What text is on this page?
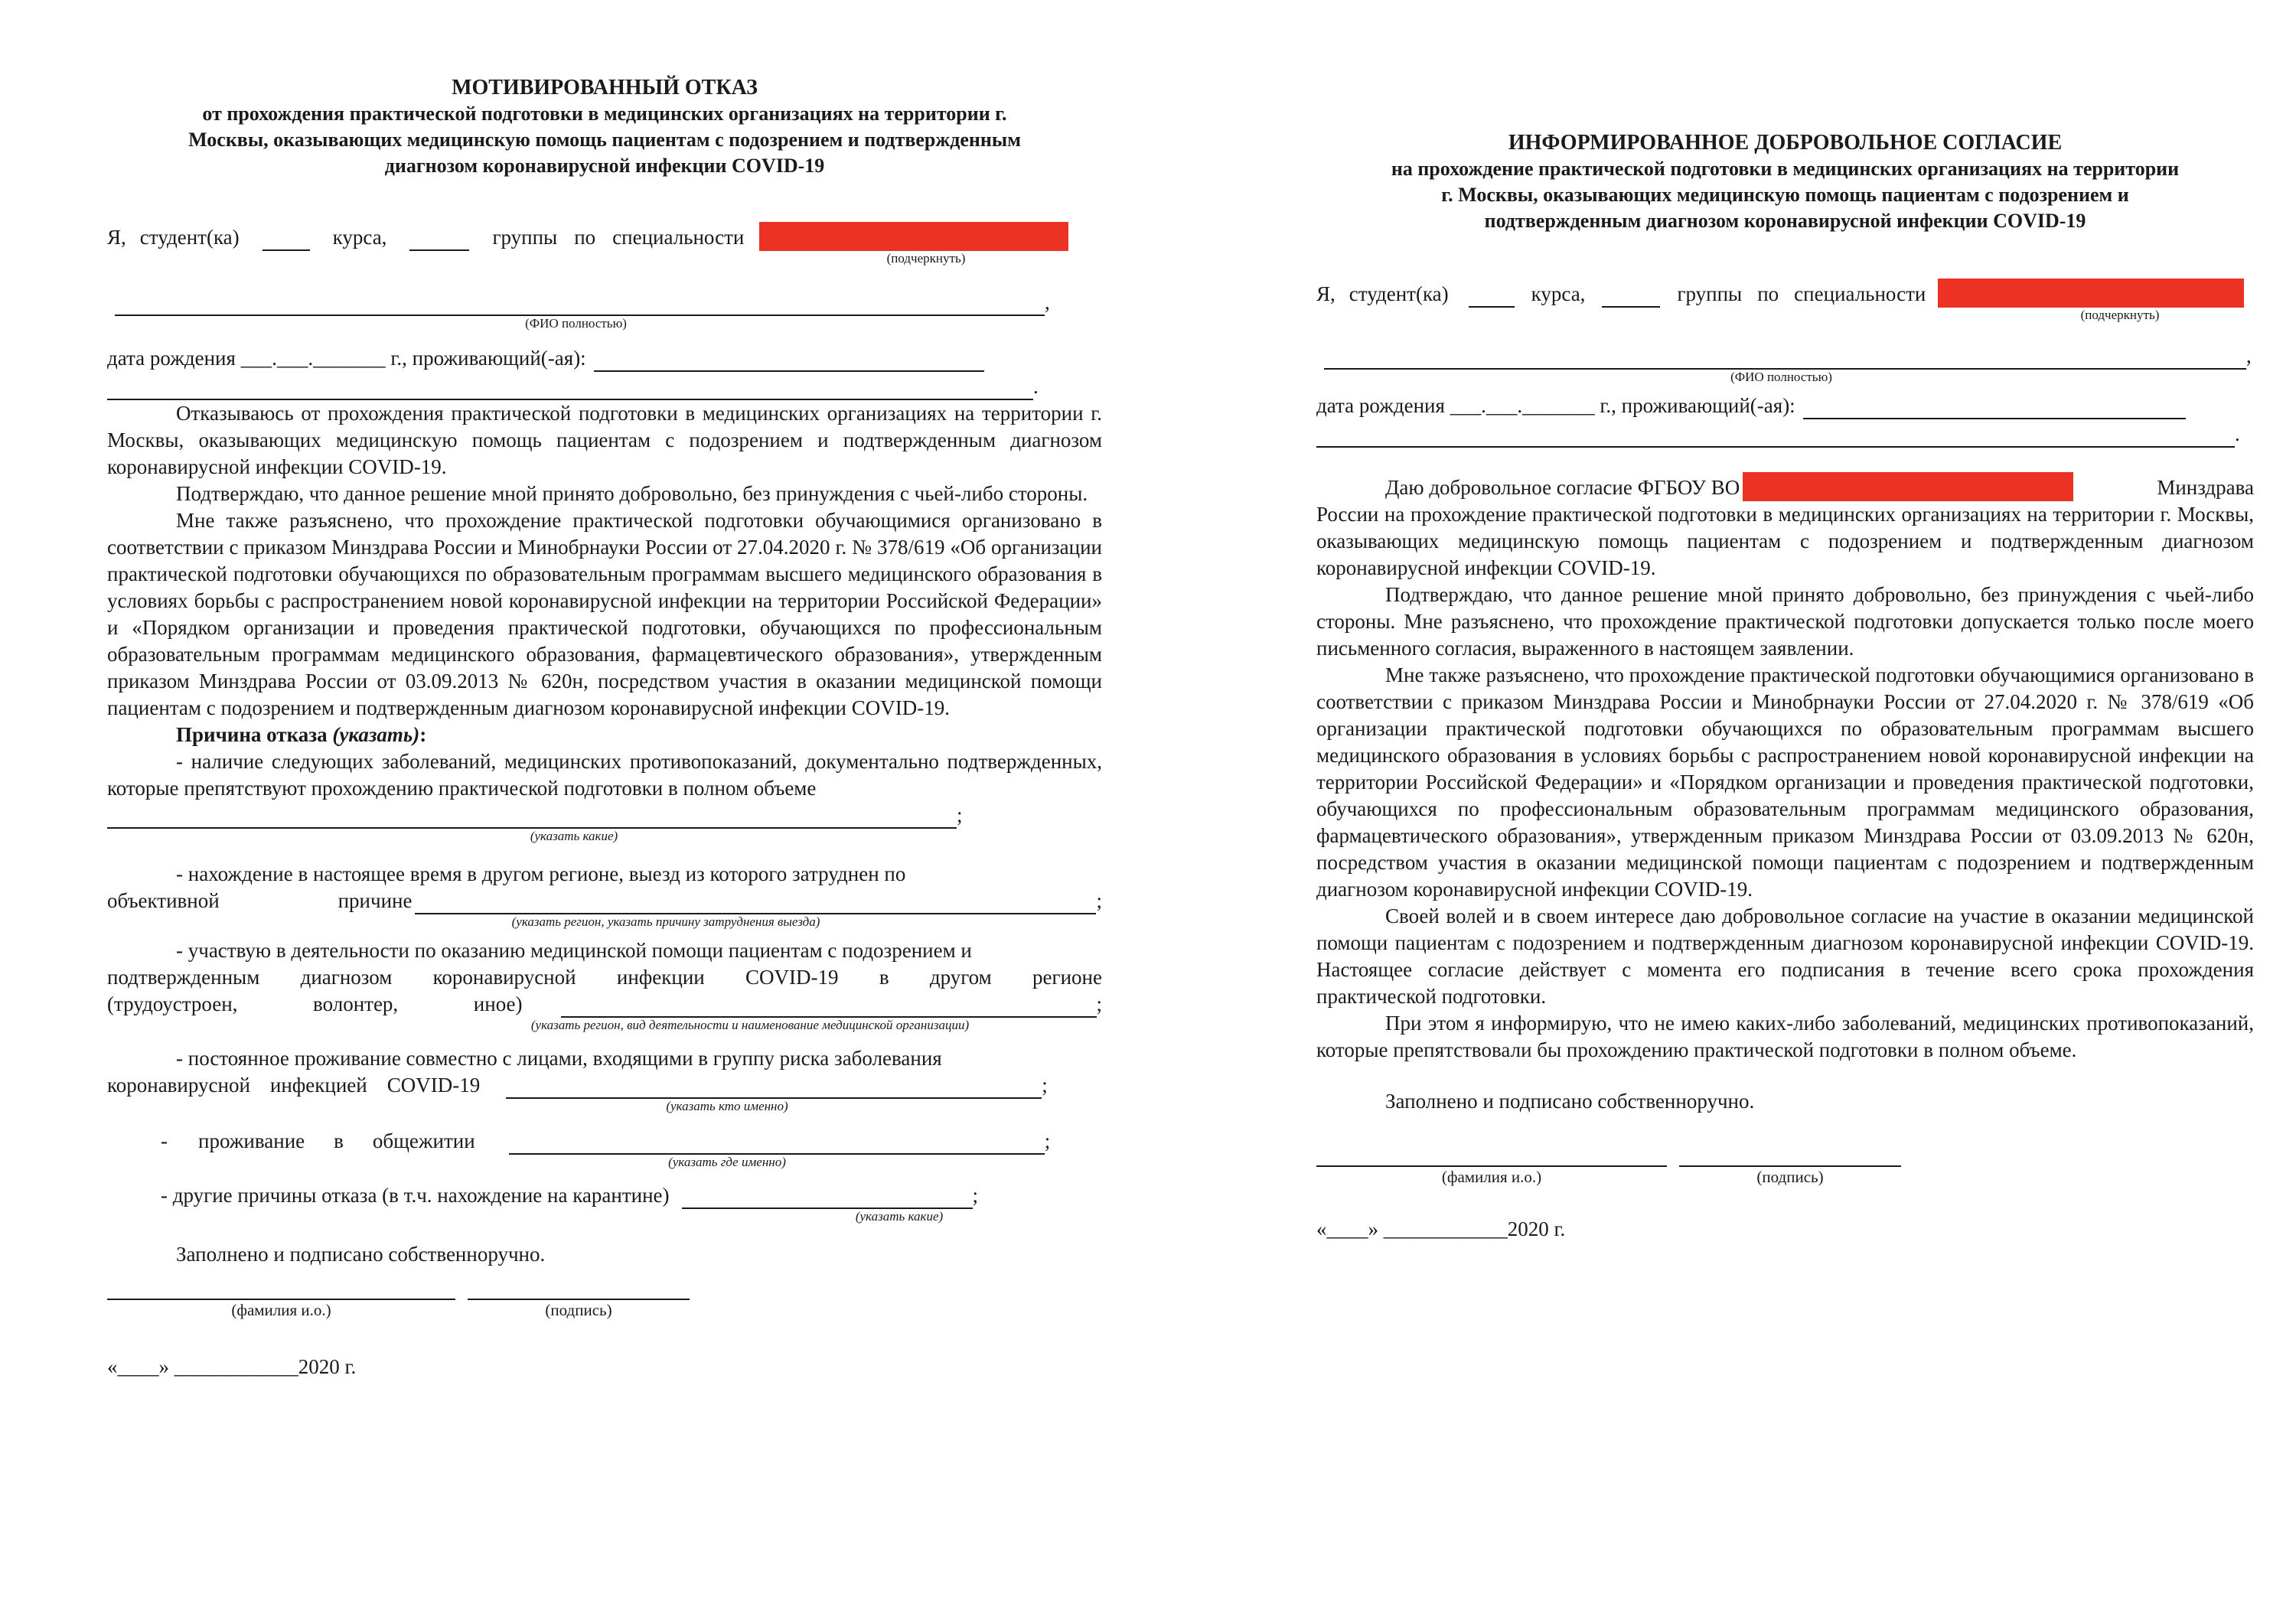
МОТИВИРОВАННЫЙ ОТКАЗ

от прохождения практической подготовки в медицинских организациях на территории г.

Москвы, оказывающих медицинскую помощь пациентам с подозрением и подтвержденным

диагнозом коронавирусной инфекции COVID-19

Я, студент(ка)	курса,	группы по специальности
(подчеркнуть)
,
(ФИО полностью)
дата рождения ___.___._______ г., проживающий(-ая):
.

Отказываюсь от прохождения практической подготовки в медицинских организациях на территории г. Москвы, оказывающих медицинскую помощь пациентам с подозрением и подтвержденным диагнозом коронавирусной инфекции COVID-19.

Подтверждаю, что данное решение мной принято добровольно, без принуждения с чьей-либо стороны.

Мне также разъяснено, что прохождение практической подготовки обучающимися организовано в соответствии с приказом Минздрава России и Минобрнауки России от 27.04.2020 г. № 378/619 «Об организации практической подготовки обучающихся по образовательным программам высшего медицинского образования в условиях борьбы с распространением новой коронавирусной инфекции на территории Российской Федерации» и «Порядком организации и проведения практической подготовки, обучающихся по профессиональным образовательным программам медицинского образования, фармацевтического образования», утвержденным приказом Минздрава России от 03.09.2013 № 620н, посредством участия в оказании медицинской помощи пациентам с подозрением и подтвержденным диагнозом коронавирусной инфекции COVID-19.

Причина отказа (указать):

- наличие следующих заболеваний, медицинских противопоказаний, документально подтвержденных, которые препятствуют прохождению практической подготовки в полном объеме

;
(указать какие)

- нахождение в настоящее время в другом регионе, выезд из которого затруднен по

объективной	причине	;
(указать регион, указать причину затруднения выезда)

- участвую в деятельности по оказанию медицинской помощи пациентам с подозрением и

подтвержденным диагнозом коронавирусной инфекции COVID-19 в другом регионе

(трудоустроен,	волонтер,	иное)	;
(указать регион, вид деятельности и наименование медицинской организации)

- постоянное проживание совместно с лицами, входящими в группу риска заболевания

коронавирусной инфекцией COVID-19	;
(указать кто именно)
- проживание в общежитии	;
(указать где именно)
- другие причины отказа (в т.ч. нахождение на карантине)	;
(указать какие)

Заполнено и подписано собственноручно.

(фамилия и.о.)	(подпись)
«____» ____________2020 г.

ИНФОРМИРОВАННОЕ ДОБРОВОЛЬНОЕ СОГЛАСИЕ

на прохождение практической подготовки в медицинских организациях на территории

г. Москвы, оказывающих медицинскую помощь пациентам с подозрением и

подтвержденным диагнозом коронавирусной инфекции COVID-19

Я, студент(ка)	курса,	группы по специальности
(подчеркнуть)
,
(ФИО полностью)
дата рождения ___.___._______ г., проживающий(-ая):
.
Даю добровольное согласие ФГБОУ ВО	Минздрава

России на прохождение практической подготовки в медицинских организациях на территории г. Москвы, оказывающих медицинскую помощь пациентам с подозрением и подтвержденным диагнозом коронавирусной инфекции COVID-19.

Подтверждаю, что данное решение мной принято добровольно, без принуждения с чьей-либо стороны. Мне разъяснено, что прохождение практической подготовки допускается только после моего письменного согласия, выраженного в настоящем заявлении.

Мне также разъяснено, что прохождение практической подготовки обучающимися организовано в соответствии с приказом Минздрава России и Минобрнауки России от 27.04.2020 г. № 378/619 «Об организации практической подготовки обучающихся по образовательным программам высшего медицинского образования в условиях борьбы с распространением новой коронавирусной инфекции на территории Российской Федерации» и «Порядком организации и проведения практической подготовки, обучающихся по профессиональным образовательным программам медицинского образования, фармацевтического образования», утвержденным приказом Минздрава России от 03.09.2013 № 620н, посредством участия в оказании медицинской помощи пациентам с подозрением и подтвержденным диагнозом коронавирусной инфекции COVID-19.

Своей волей и в своем интересе даю добровольное согласие на участие в оказании медицинской помощи пациентам с подозрением и подтвержденным диагнозом коронавирусной инфекции COVID-19. Настоящее согласие действует с момента его подписания в течение всего срока прохождения практической подготовки.

При этом я информирую, что не имею каких-либо заболеваний, медицинских противопоказаний, которые препятствовали бы прохождению практической подготовки в полном объеме.

Заполнено и подписано собственноручно.

(фамилия и.о.)	(подпись)
«____» ____________2020 г.
